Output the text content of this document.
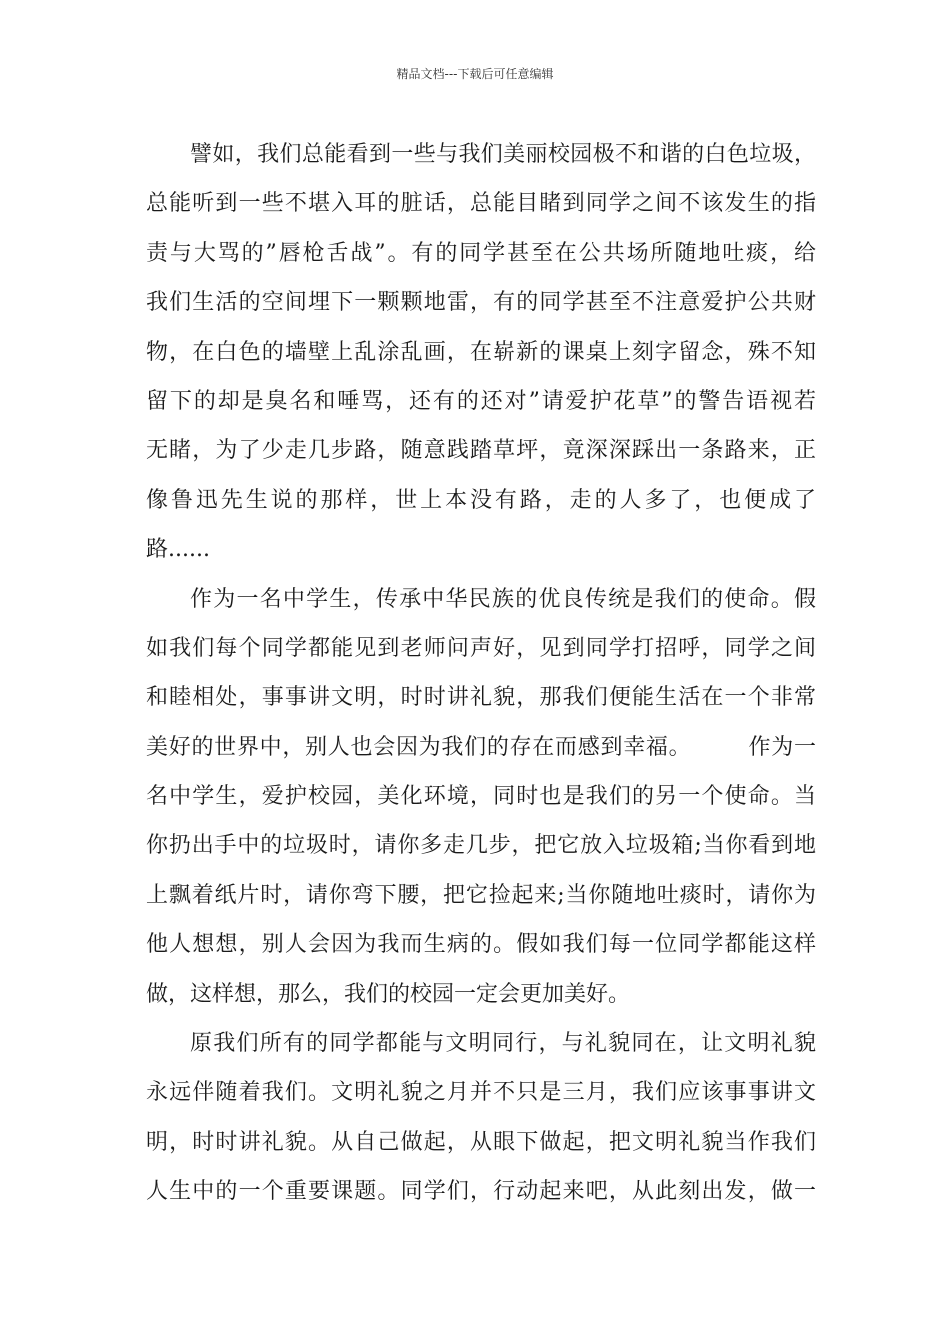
精品文档---下载后可任意编辑
譬如，我们总能看到一些与我们美丽校园极不和谐的白色垃圾，
总能听到一些不堪入耳的脏话，总能目睹到同学之间不该发生的指
责与大骂的”唇枪舌战”。有的同学甚至在公共场所随地吐痰，给
我们生活的空间埋下一颗颗地雷，有的同学甚至不注意爱护公共财
物，在白色的墙壁上乱涂乱画，在崭新的课桌上刻字留念，殊不知
留下的却是臭名和唾骂，还有的还对”请爱护花草”的警告语视若
无睹，为了少走几步路，随意践踏草坪，竟深深踩出一条路来，正
像鲁迅先生说的那样，世上本没有路，走的人多了，也便成了
路......
作为一名中学生，传承中华民族的优良传统是我们的使命。假
如我们每个同学都能见到老师问声好，见到同学打招呼，同学之间
和睦相处，事事讲文明，时时讲礼貌，那我们便能生活在一个非常
美好的世界中，别人也会因为我们的存在而感到幸福。　　　作为一
名中学生，爱护校园，美化环境，同时也是我们的另一个使命。当
你扔出手中的垃圾时，请你多走几步，把它放入垃圾箱;当你看到地
上飘着纸片时，请你弯下腰，把它捡起来;当你随地吐痰时，请你为
他人想想，别人会因为我而生病的。假如我们每一位同学都能这样
做，这样想，那么，我们的校园一定会更加美好。
原我们所有的同学都能与文明同行，与礼貌同在，让文明礼貌
永远伴随着我们。文明礼貌之月并不只是三月，我们应该事事讲文
明，时时讲礼貌。从自己做起，从眼下做起，把文明礼貌当作我们
人生中的一个重要课题。同学们，行动起来吧，从此刻出发，做一
